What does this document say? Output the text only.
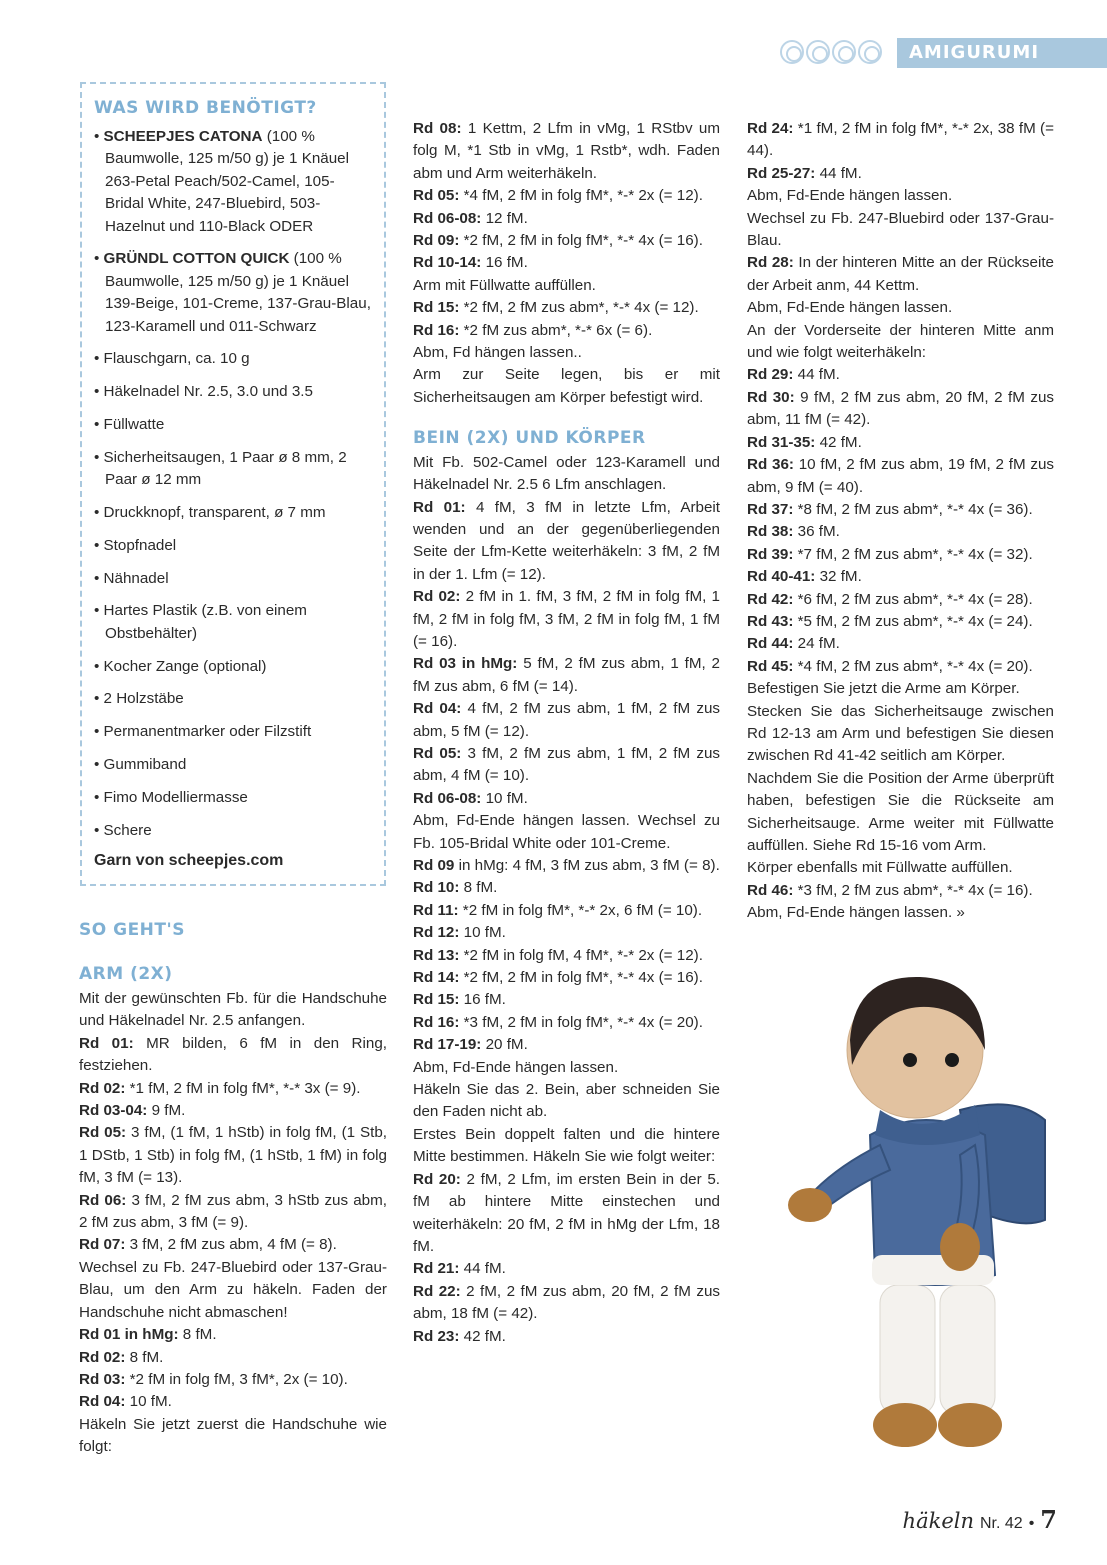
AMIGURUMI
WAS WIRD BENÖTIGT?
• SCHEEPJES CATONA (100 % Baumwolle, 125 m/50 g) je 1 Knäuel 263-Petal Peach/502-Camel, 105-Bridal White, 247-Bluebird, 503-Hazelnut und 110-Black ODER
• GRÜNDL COTTON QUICK (100 % Baumwolle, 125 m/50 g) je 1 Knäuel 139-Beige, 101-Creme, 137-Grau-Blau, 123-Karamell und 011-Schwarz
• Flauschgarn, ca. 10 g
• Häkelnadel Nr. 2.5, 3.0 und 3.5
• Füllwatte
• Sicherheitsaugen, 1 Paar ø 8 mm, 2 Paar ø 12 mm
• Druckknopf, transparent, ø 7 mm
• Stopfnadel
• Nähnadel
• Hartes Plastik (z.B. von einem Obstbehälter)
• Kocher Zange (optional)
• 2 Holzstäbe
• Permanentmarker oder Filzstift
• Gummiband
• Fimo Modelliermasse
• Schere
Garn von scheepjes.com
SO GEHT'S
ARM (2X)

Mit der gewünschten Fb. für die Handschuhe und Häkelnadel Nr. 2.5 anfangen.

Rd 01: MR bilden, 6 fM in den Ring, festziehen.

Rd 02: *1 fM, 2 fM in folg fM*, *-* 3x (= 9).

Rd 03-04: 9 fM.

Rd 05: 3 fM, (1 fM, 1 hStb) in folg fM, (1 Stb, 1 DStb, 1 Stb) in folg fM, (1 hStb, 1 fM) in folg fM, 3 fM (= 13).

Rd 06: 3 fM, 2 fM zus abm, 3 hStb zus abm, 2 fM zus abm, 3 fM (= 9).

Rd 07: 3 fM, 2 fM zus abm, 4 fM (= 8).

Wechsel zu Fb. 247-Bluebird oder 137-Grau-Blau, um den Arm zu häkeln. Faden der Handschuhe nicht abmaschen!

Rd 01 in hMg: 8 fM.

Rd 02: 8 fM.

Rd 03: *2 fM in folg fM, 3 fM*, 2x (= 10).

Rd 04: 10 fM.

Häkeln Sie jetzt zuerst die Handschuhe wie folgt:

Rd 08: 1 Kettm, 2 Lfm in vMg, 1 RStbv um folg M, *1 Stb in vMg, 1 Rstb*, wdh. Faden abm und Arm weiterhäkeln.

Rd 05: *4 fM, 2 fM in folg fM*, *-* 2x (= 12).

Rd 06-08: 12 fM.

Rd 09: *2 fM, 2 fM in folg fM*, *-* 4x (= 16).

Rd 10-14: 16 fM.

Arm mit Füllwatte auffüllen.

Rd 15: *2 fM, 2 fM zus abm*, *-* 4x (= 12).

Rd 16: *2 fM zus abm*, *-* 6x (= 6).

Abm, Fd hängen lassen..

Arm zur Seite legen, bis er mit Sicherheitsaugen am Körper befestigt wird.

BEIN (2X) UND KÖRPER

Mit Fb. 502-Camel oder 123-Karamell und Häkelnadel Nr. 2.5 6 Lfm anschlagen.

Rd 01: 4 fM, 3 fM in letzte Lfm, Arbeit wenden und an der gegenüberliegenden Seite der Lfm-Kette weiterhäkeln: 3 fM, 2 fM in der 1. Lfm (= 12).

Rd 02: 2 fM in 1. fM, 3 fM, 2 fM in folg fM, 1 fM, 2 fM in folg fM, 3 fM, 2 fM in folg fM, 1 fM (= 16).

Rd 03 in hMg: 5 fM, 2 fM zus abm, 1 fM, 2 fM zus abm, 6 fM (= 14).

Rd 04: 4 fM, 2 fM zus abm, 1 fM, 2 fM zus abm, 5 fM (= 12).

Rd 05: 3 fM, 2 fM zus abm, 1 fM, 2 fM zus abm, 4 fM (= 10).

Rd 06-08: 10 fM.

Abm, Fd-Ende hängen lassen. Wechsel zu Fb. 105-Bridal White oder 101-Creme.

Rd 09 in hMg: 4 fM, 3 fM zus abm, 3 fM (= 8).

Rd 10: 8 fM.

Rd 11: *2 fM in folg fM*, *-* 2x, 6 fM (= 10).

Rd 12: 10 fM.

Rd 13: *2 fM in folg fM, 4 fM*, *-* 2x (= 12).

Rd 14: *2 fM, 2 fM in folg fM*, *-* 4x (= 16).

Rd 15: 16 fM.

Rd 16: *3 fM, 2 fM in folg fM*, *-* 4x (= 20).

Rd 17-19: 20 fM.

Abm, Fd-Ende hängen lassen.

Häkeln Sie das 2. Bein, aber schneiden Sie den Faden nicht ab.

Erstes Bein doppelt falten und die hintere Mitte bestimmen. Häkeln Sie wie folgt weiter:

Rd 20: 2 fM, 2 Lfm, im ersten Bein in der 5. fM ab hintere Mitte einstechen und weiterhäkeln: 20 fM, 2 fM in hMg der Lfm, 18 fM.

Rd 21: 44 fM.

Rd 22: 2 fM, 2 fM zus abm, 20 fM, 2 fM zus abm, 18 fM (= 42).

Rd 23: 42 fM.

Rd 24: *1 fM, 2 fM in folg fM*, *-* 2x, 38 fM (= 44).

Rd 25-27: 44 fM.

Abm, Fd-Ende hängen lassen.

Wechsel zu Fb. 247-Bluebird oder 137-Grau-Blau.

Rd 28: In der hinteren Mitte an der Rückseite der Arbeit anm, 44 Kettm.

Abm, Fd-Ende hängen lassen.

An der Vorderseite der hinteren Mitte anm und wie folgt weiterhäkeln:

Rd 29: 44 fM.

Rd 30: 9 fM, 2 fM zus abm, 20 fM, 2 fM zus abm, 11 fM (= 42).

Rd 31-35: 42 fM.

Rd 36: 10 fM, 2 fM zus abm, 19 fM, 2 fM zus abm, 9 fM (= 40).

Rd 37: *8 fM, 2 fM zus abm*, *-* 4x (= 36).

Rd 38: 36 fM.

Rd 39: *7 fM, 2 fM zus abm*, *-* 4x (= 32).

Rd 40-41: 32 fM.

Rd 42: *6 fM, 2 fM zus abm*, *-* 4x (= 28).

Rd 43: *5 fM, 2 fM zus abm*, *-* 4x (= 24).

Rd 44: 24 fM.

Rd 45: *4 fM, 2 fM zus abm*, *-* 4x (= 20).

Befestigen Sie jetzt die Arme am Körper.

Stecken Sie das Sicherheitsauge zwischen Rd 12-13 am Arm und befestigen Sie diesen zwischen Rd 41-42 seitlich am Körper.

Nachdem Sie die Position der Arme überprüft haben, befestigen Sie die Rückseite am Sicherheitsauge. Arme weiter mit Füllwatte auffüllen. Siehe Rd 15-16 vom Arm.

Körper ebenfalls mit Füllwatte auffüllen.

Rd 46: *3 fM, 2 fM zus abm*, *-* 4x (= 16).

Abm, Fd-Ende hängen lassen. »

häkeln Nr. 42 • 7
